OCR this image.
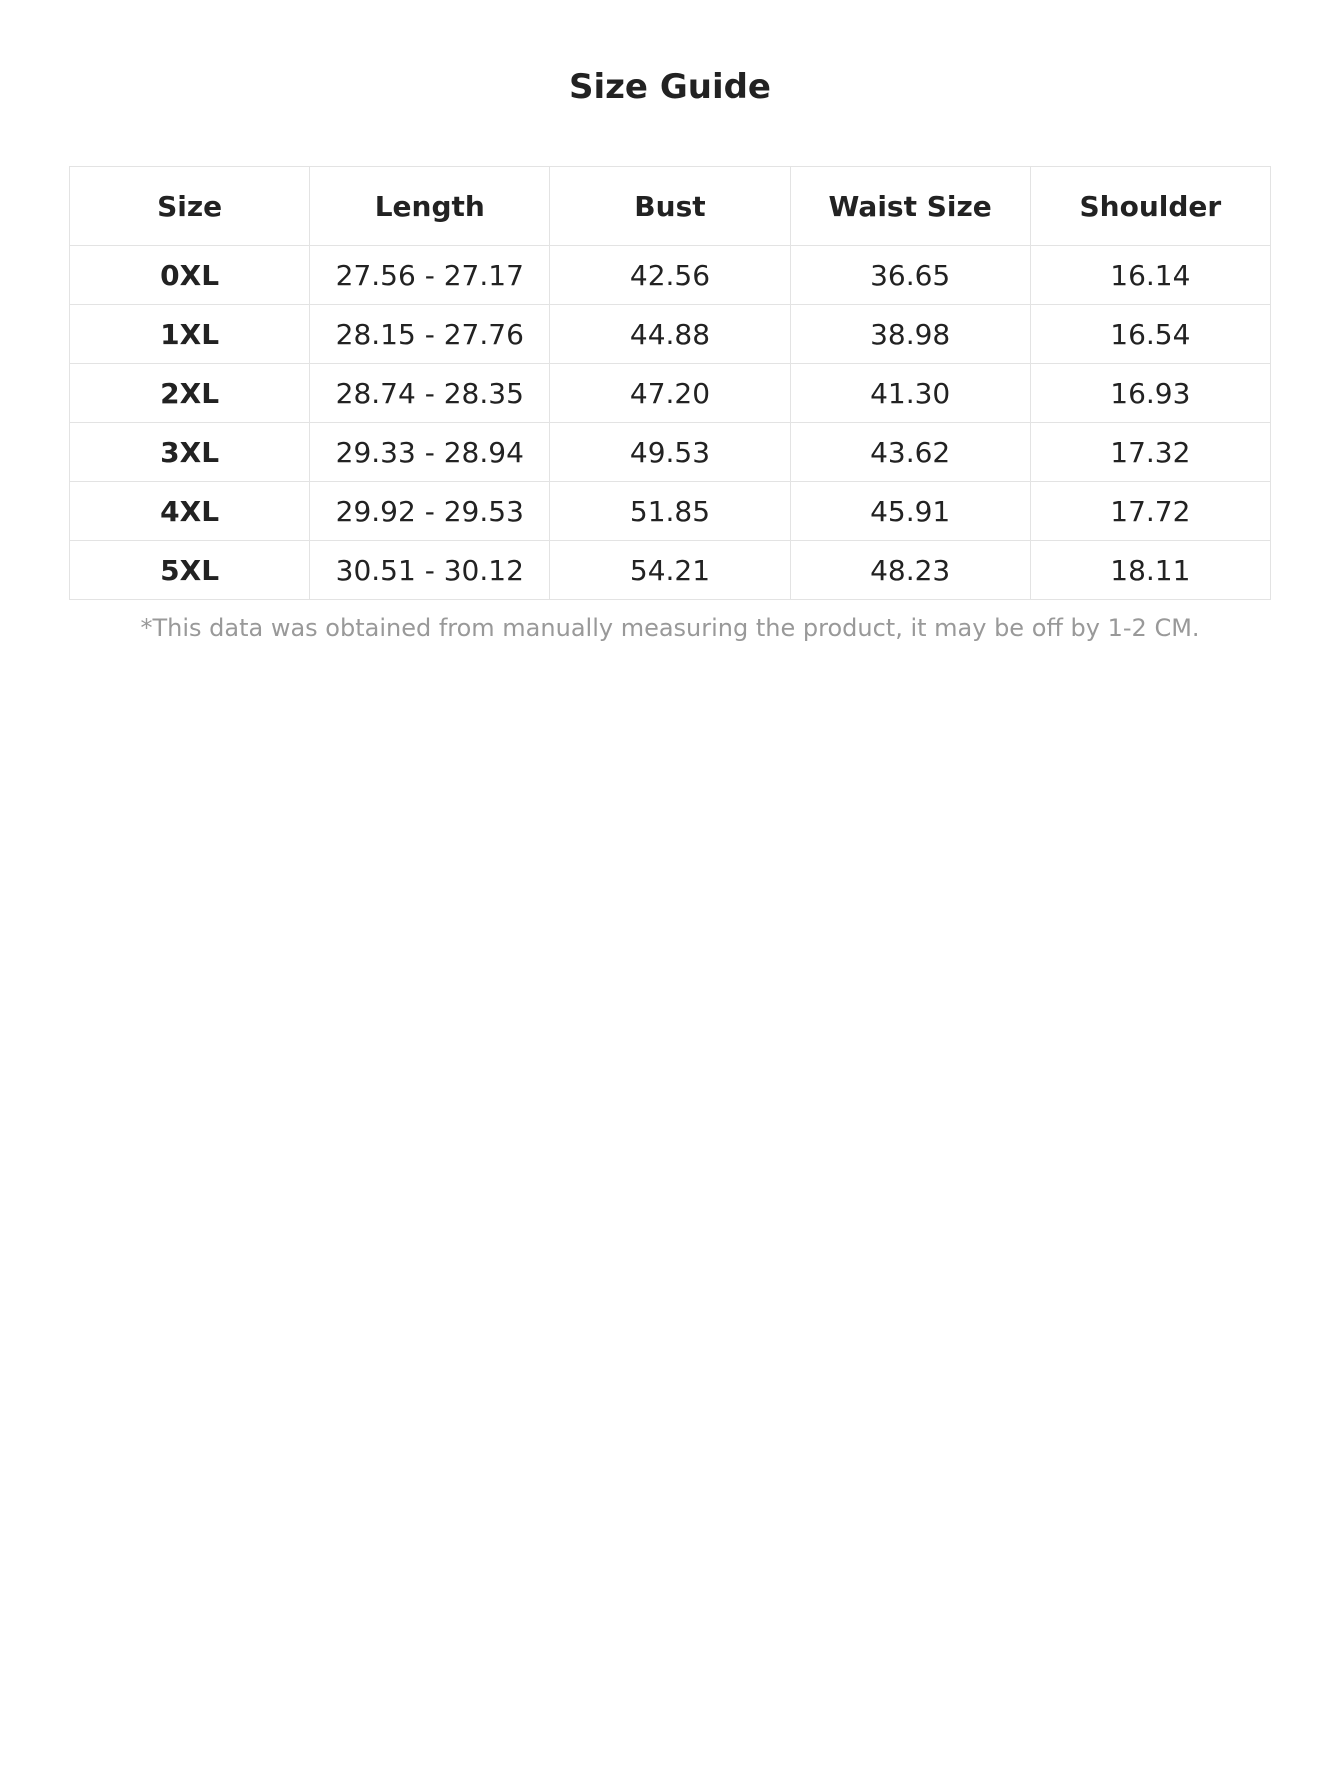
Size Guide
Size	Length	Bust	Waist Size	Shoulder
0XL	27.56 - 27.17	42.56	36.65	16.14
1XL	28.15 - 27.76	44.88	38.98	16.54
2XL	28.74 - 28.35	47.20	41.30	16.93
3XL	29.33 - 28.94	49.53	43.62	17.32
4XL	29.92 - 29.53	51.85	45.91	17.72
5XL	30.51 - 30.12	54.21	48.23	18.11

*This data was obtained from manually measuring the product, it may be off by 1-2 CM.
